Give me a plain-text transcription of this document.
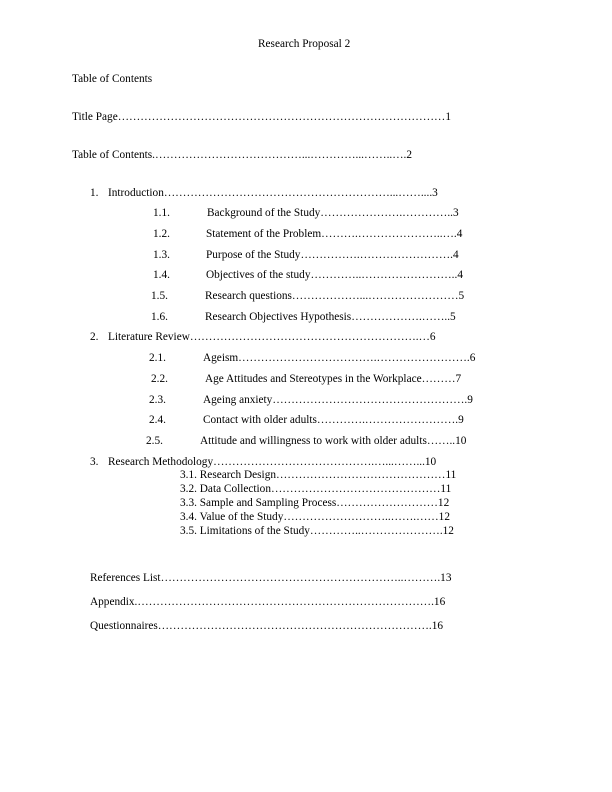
Research Proposal 2
Table of Contents
Title Page……………………………………………………………………………1
Table of Contents.…………………………………...…………...……..….2
1. Introduction……………………………………………………...……....3
1.1.	Background of the Study………………….…………..3
1.2.	Statement of the Problem……….…………………..….4
1.3.	Purpose of the Study…………….…………………….4
1.4.	Objectives of the study…………..……………………..4
1.5.	Research questions………………...……………………5
1.6.	Research Objectives Hypothesis……………….……..5
2. Literature Review…………………………………………………….…6
2.1.	Ageism……………………………….…………………….6
2.2.	Age Attitudes and Stereotypes in the Workplace………7
2.3.	Ageing anxiety…………………………………………….9
2.4.	Contact with older adults………….…………………….9
2.5.	Attitude and willingness to work with older adults……..10
3. Research Methodology…………………………………….…...……...10
3.1. Research Design………………………………………11
3.2. Data Collection………………………………………11
3.3. Sample and Sampling Process………………………12
3.4. Value of the Study………………………..…….……12
3.5. Limitations of the Study…………..………………….12
References List………………………………………………………..……….13
Appendix.…………………………………………………………………….16
Questionnaires……………………………………………………………….16
